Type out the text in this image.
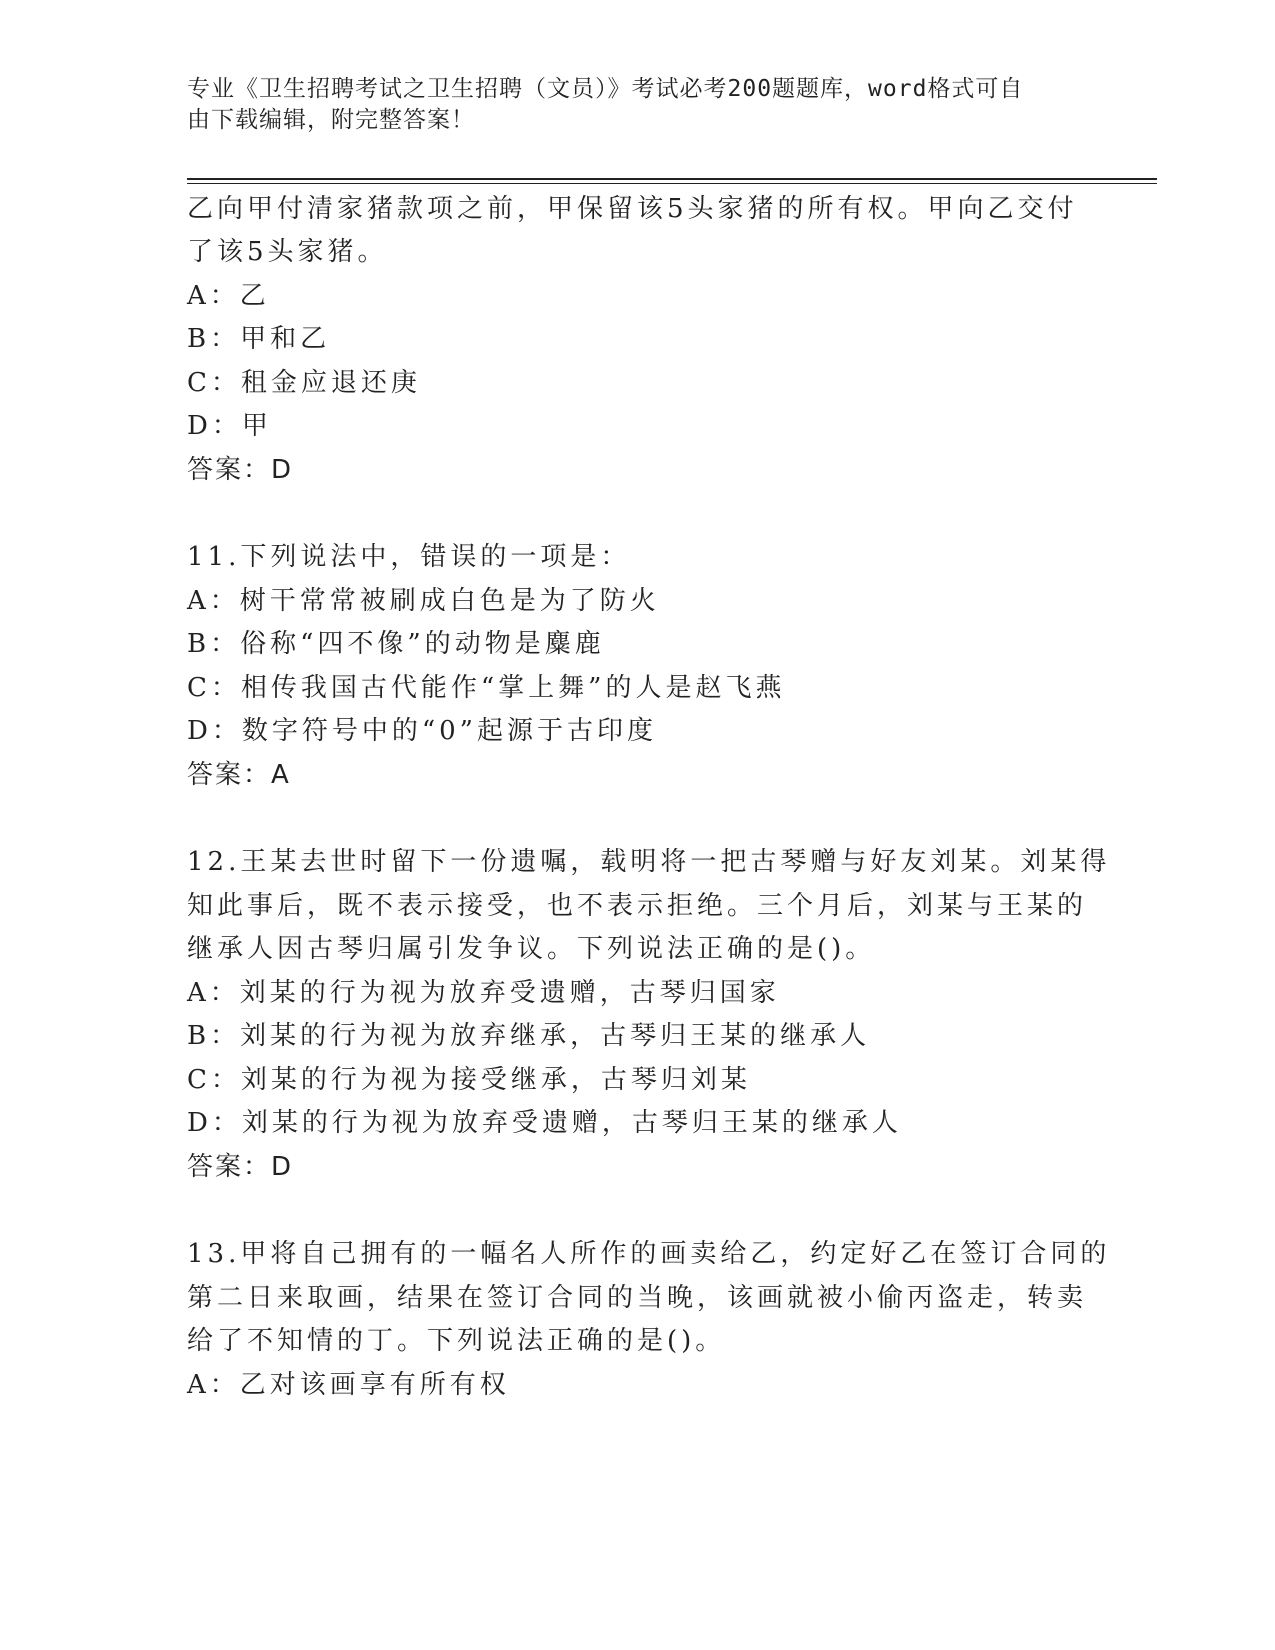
专业《卫生招聘考试之卫生招聘（文员）》考试必考200题题库，word格式可自
由下载编辑，附完整答案！
乙向甲付清家猪款项之前，甲保留该5头家猪的所有权。甲向乙交付
了该5头家猪。
A：乙
B：甲和乙
C：租金应退还庚
D：甲
答案：D
11.下列说法中，错误的一项是：
A：树干常常被刷成白色是为了防火
B：俗称“四不像”的动物是麋鹿
C：相传我国古代能作“掌上舞”的人是赵飞燕
D：数字符号中的“0”起源于古印度
答案：A
12.王某去世时留下一份遗嘱，载明将一把古琴赠与好友刘某。刘某得
知此事后，既不表示接受，也不表示拒绝。三个月后，刘某与王某的
继承人因古琴归属引发争议。下列说法正确的是()。
A：刘某的行为视为放弃受遗赠，古琴归国家
B：刘某的行为视为放弃继承，古琴归王某的继承人
C：刘某的行为视为接受继承，古琴归刘某
D：刘某的行为视为放弃受遗赠，古琴归王某的继承人
答案：D
13.甲将自己拥有的一幅名人所作的画卖给乙，约定好乙在签订合同的
第二日来取画，结果在签订合同的当晚，该画就被小偷丙盗走，转卖
给了不知情的丁。下列说法正确的是()。
A：乙对该画享有所有权
